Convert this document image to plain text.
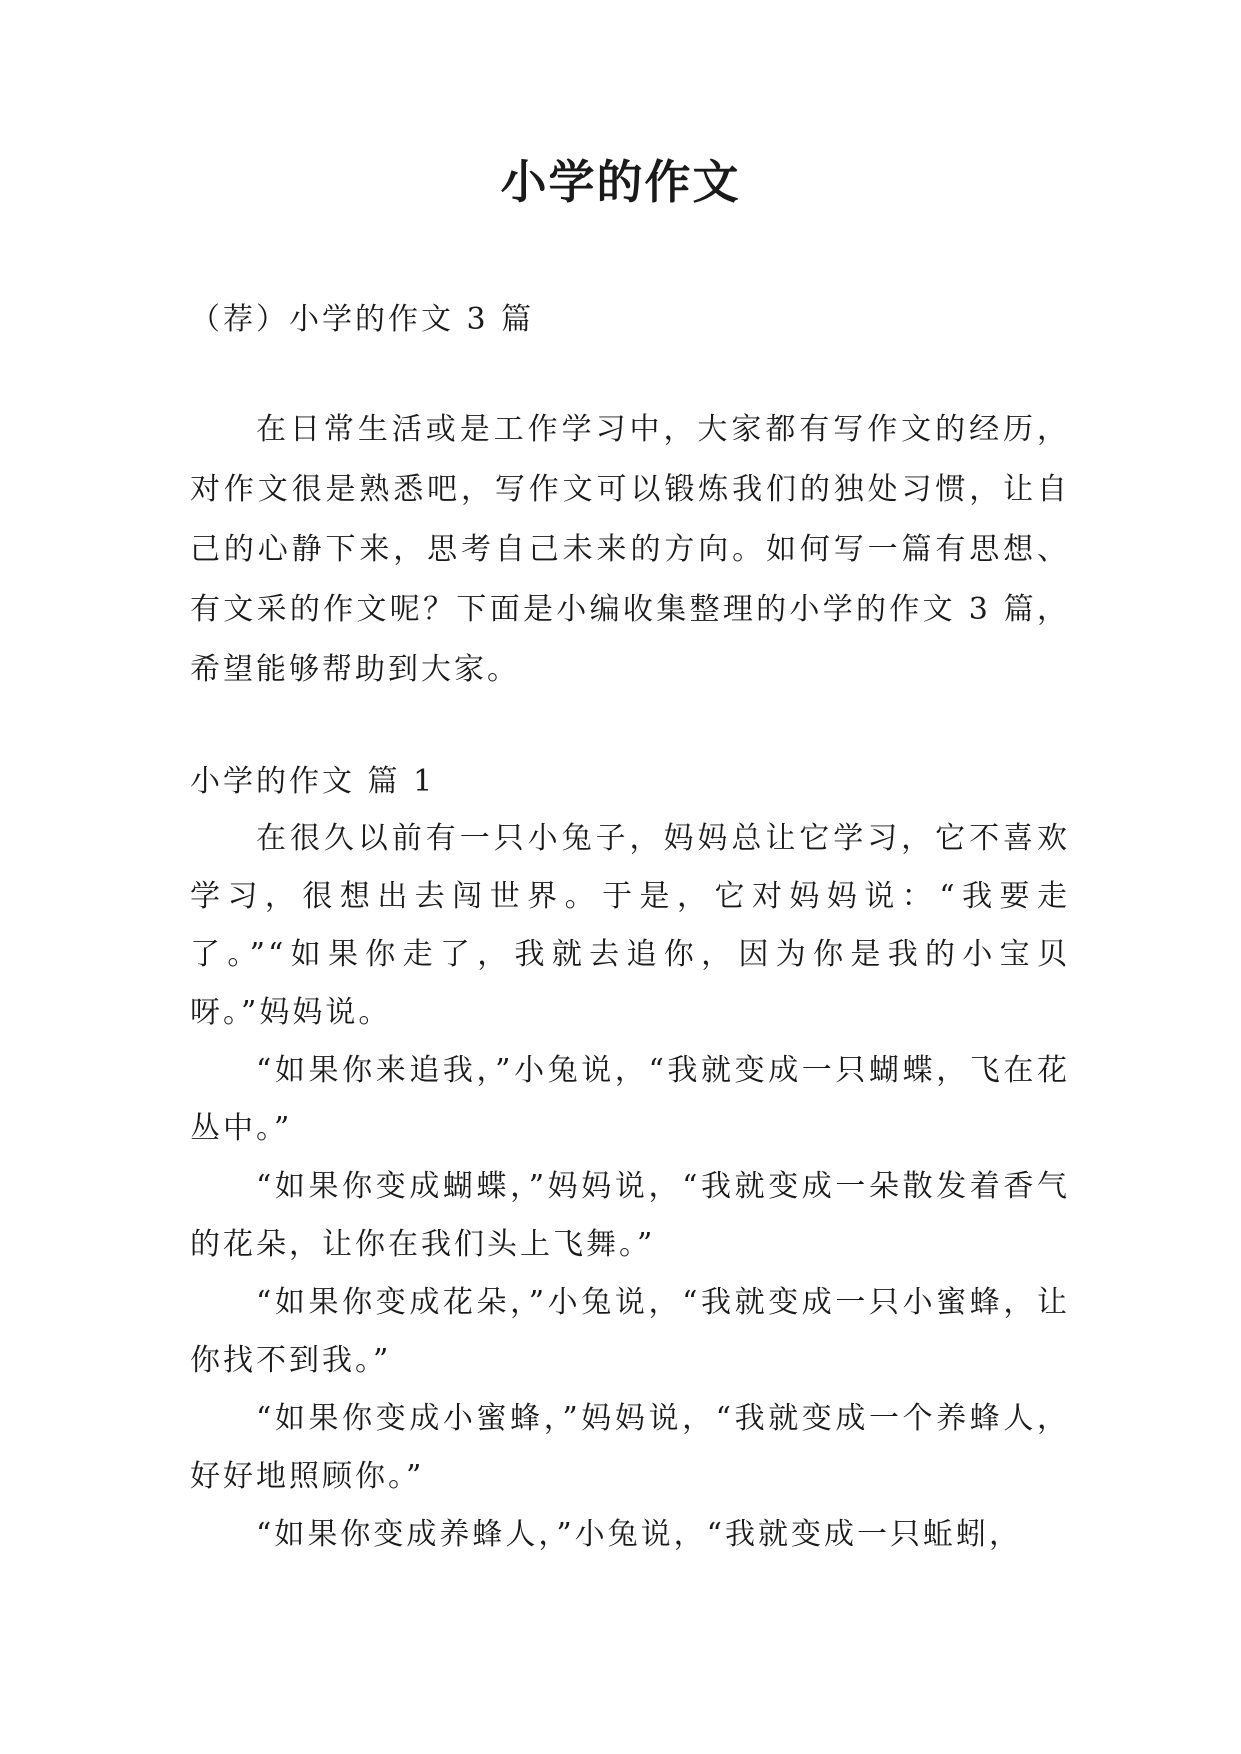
小学的作文

（荐）小学的作文 3 篇

在日常生活或是工作学习中，大家都有写作文的经历，对作文很是熟悉吧，写作文可以锻炼我们的独处习惯，让自己的心静下来，思考自己未来的方向。如何写一篇有思想、有文采的作文呢？下面是小编收集整理的小学的作文 3 篇，希望能够帮助到大家。

小学的作文 篇 1

在很久以前有一只小兔子，妈妈总让它学习，它不喜欢学习，很想出去闯世界。于是，它对妈妈说：“我要走了。”“如果你走了，我就去追你，因为你是我的小宝贝呀。”妈妈说。

“如果你来追我，”小兔说，“我就变成一只蝴蝶，飞在花丛中。”

“如果你变成蝴蝶，”妈妈说，“我就变成一朵散发着香气的花朵，让你在我们头上飞舞。”

“如果你变成花朵，”小兔说，“我就变成一只小蜜蜂，让你找不到我。”

“如果你变成小蜜蜂，”妈妈说，“我就变成一个养蜂人，好好地照顾你。”

“如果你变成养蜂人，”小兔说，“我就变成一只蚯蚓，
